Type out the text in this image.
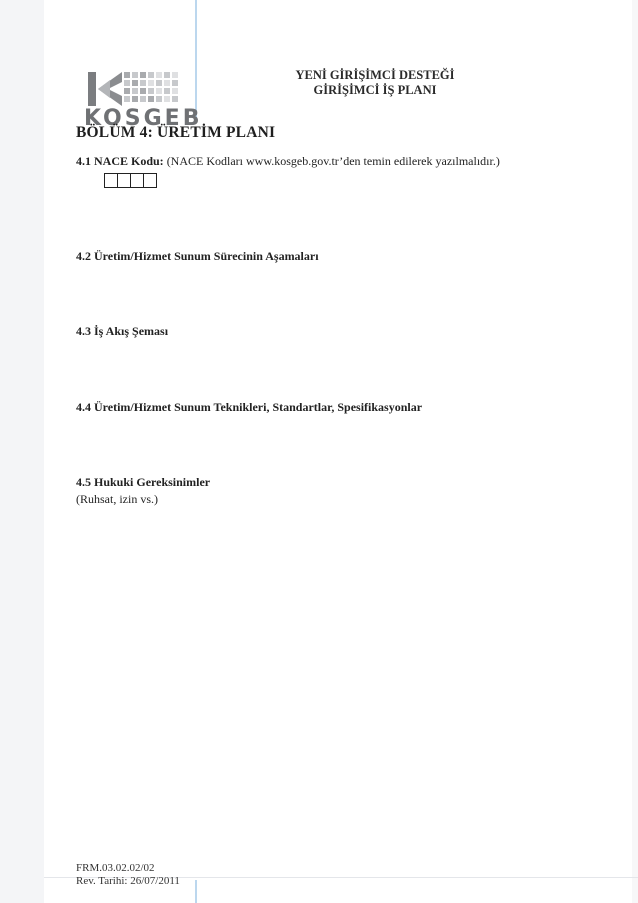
KOSGEB
YENİ GİRİŞİMCİ DESTEĞİ
GİRİŞİMCİ İŞ PLANI
BÖLÜM 4: ÜRETİM PLANI
4.1 NACE Kodu: (NACE Kodları www.kosgeb.gov.tr’den temin edilerek yazılmalıdır.)
4.2 Üretim/Hizmet Sunum Sürecinin Aşamaları
4.3 İş Akış Şeması
4.4 Üretim/Hizmet Sunum Teknikleri, Standartlar, Spesifikasyonlar
4.5 Hukuki Gereksinimler
(Ruhsat, izin vs.)
FRM.03.02.02/02
Rev. Tarihi: 26/07/2011
